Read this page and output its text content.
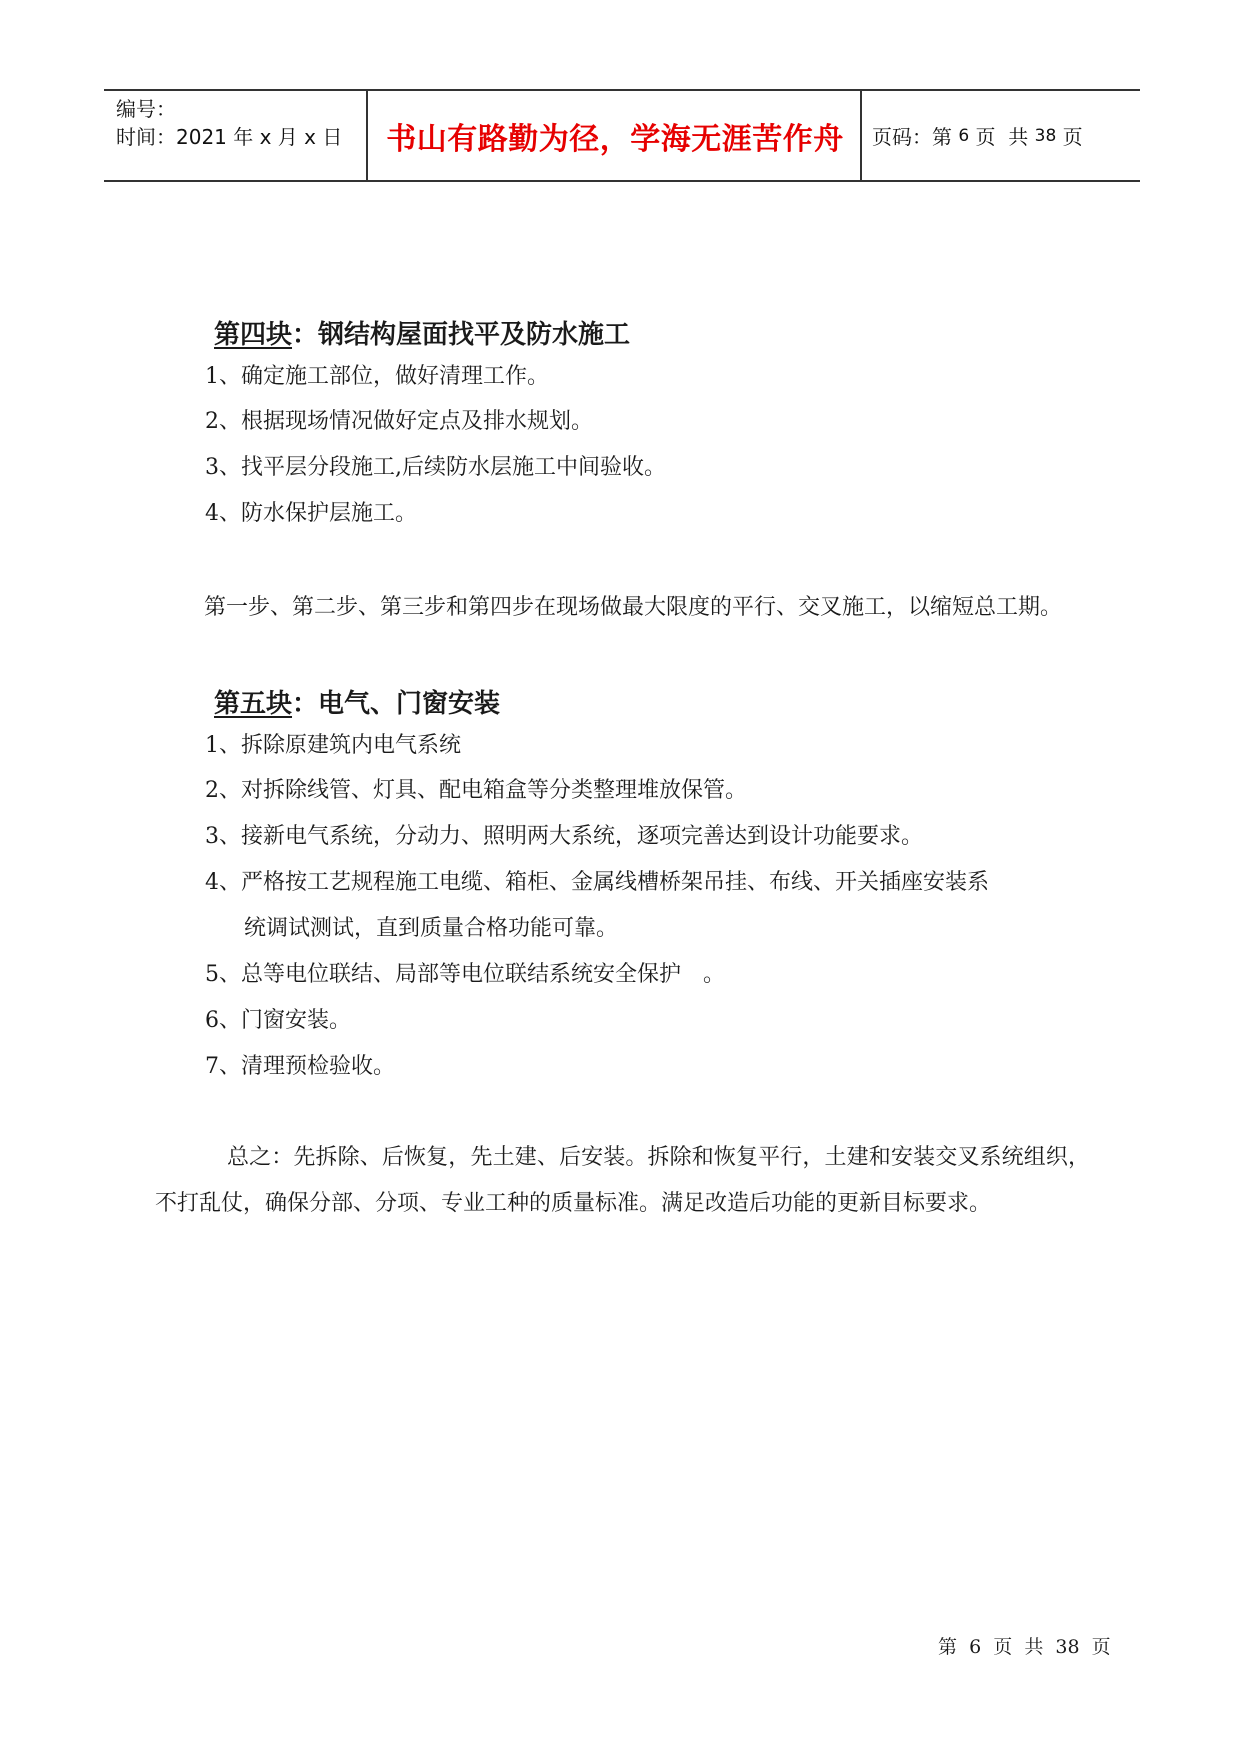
编号：
时间：2021 年 x 月 x 日	书山有路勤为径，学海无涯苦作舟	页码：第 6 页  共 38 页
第四块：钢结构屋面找平及防水施工
1、确定施工部位，做好清理工作。
2、根据现场情况做好定点及排水规划。
3、找平层分段施工,后续防水层施工中间验收。
4、防水保护层施工。
第一步、第二步、第三步和第四步在现场做最大限度的平行、交叉施工，以缩短总工期。
第五块：电气、门窗安装
1、拆除原建筑内电气系统
2、对拆除线管、灯具、配电箱盒等分类整理堆放保管。
3、接新电气系统，分动力、照明两大系统，逐项完善达到设计功能要求。
4、严格按工艺规程施工电缆、箱柜、金属线槽桥架吊挂、布线、开关插座安装系
统调试测试，直到质量合格功能可靠。
5、总等电位联结、局部等电位联结系统安全保护　。
6、门窗安装。
7、清理预检验收。
总之：先拆除、后恢复，先土建、后安装。拆除和恢复平行，土建和安装交叉系统组织，不打乱仗，确保分部、分项、专业工种的质量标准。满足改造后功能的更新目标要求。
第  6  页  共  38  页
